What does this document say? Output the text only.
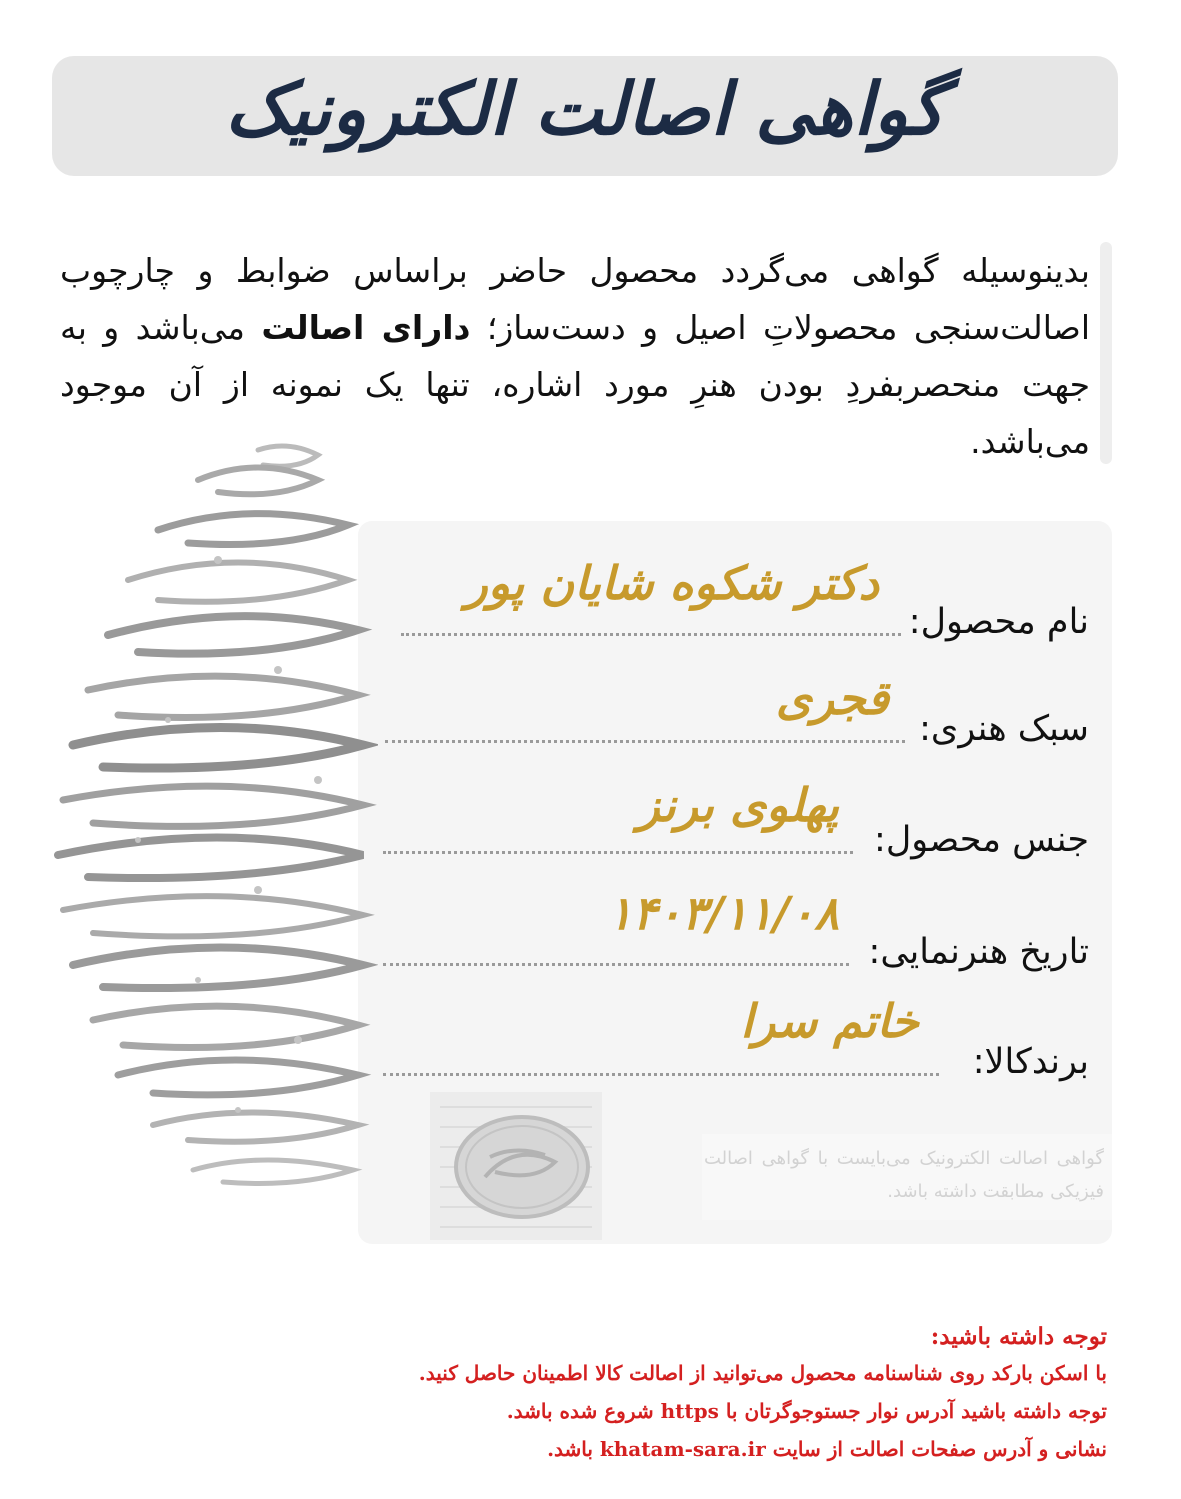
گواهی اصالت الکترونیک
بدینوسیله گواهی می‌گردد محصول حاضر براساس ضوابط و چارچوب اصالت‌سنجی محصولاتِ اصیل و دست‌ساز؛ دارای اصالت می‌باشد و به جهت منحصربفردِ بودن هنرِ مورد اشاره، تنها یک نمونه از آن موجود می‌باشد.
نام محصول:
دکتر شکوه شایان پور
سبک هنری:
قجری
جنس محصول:
پهلوی برنز
تاریخ هنرنمایی:
۱۴۰۳/۱۱/۰۸
برندکالا:
خاتم سرا
گواهی اصالت الکترونیک می‌بایست با گواهی اصالت فیزیکی مطابقت داشته باشد.
توجه داشته باشید:
با اسکن بارکد روی شناسنامه محصول می‌توانید از اصالت کالا اطمینان حاصل کنید.
توجه داشته باشید آدرس نوار جستوجوگرتان با https شروع شده باشد.
نشانی و آدرس صفحات اصالت از سایت khatam-sara.ir باشد.
